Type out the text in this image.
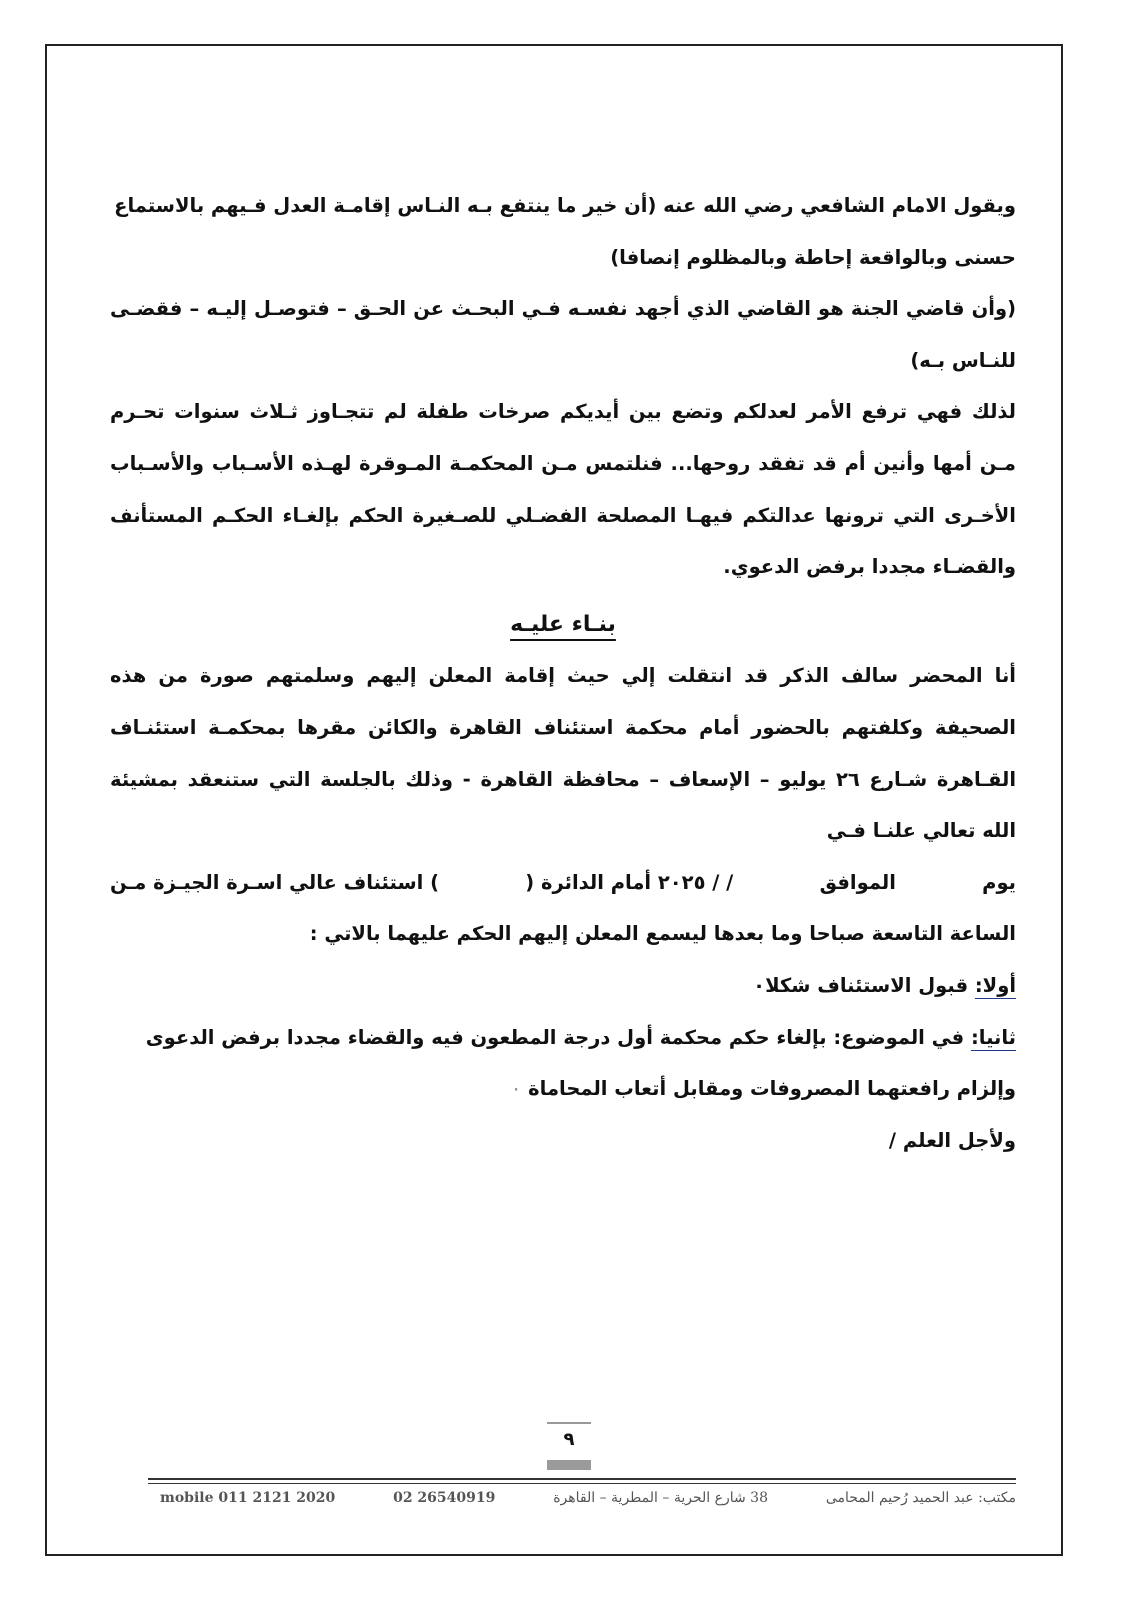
ويقول الامام الشافعي رضي الله عنه (أن خير ما ينتفع بـه النـاس إقامـة العدل فـيهم بالاستماع
حسنى وبالواقعة إحاطة وبالمظلوم إنصافا)

(وأن قاضي الجنة هو القاضي الذي أجهد نفسـه فـي البحـث عن الحـق – فتوصـل إليـه – فقضـى للنـاس بـه)

لذلك فهي ترفع الأمر لعدلكم وتضع بين أيديكم صرخات طفلة لم تتجـاوز ثـلاث سنوات تحـرم مـن أمها وأنين أم قد تفقد روحها... فنلتمس مـن المحكمـة المـوقرة لهـذه الأسـباب والأسـباب الأخـرى التي ترونها عدالتكم فيهـا المصلحة الفضـلي للصـغيرة الحكم بإلغـاء الحكـم المستأنف والقضـاء مجددا برفض الدعوي.

بنـاء عليـه

أنا المحضر سالف الذكر قد انتقلت إلي حيث إقامة المعلن إليهم وسلمتهم صورة من هذه الصحيفة وكلفتهم بالحضور أمام محكمة استئناف القاهرة والكائن مقرها بمحكمـة استئنـاف القـاهرة شـارع ٢٦ يوليو – الإسعاف – محافظة القاهرة - وذلك بالجلسة التي ستنعقد بمشيئة الله تعالي علنـا فـي

يوم
الموافق
/ / ٢٠٢٥ أمام الدائرة (
) استئناف عالي اسـرة الجيـزة مـن

الساعة التاسعة صباحا وما بعدها ليسمع المعلن إليهم الحكم عليهما بالاتي :

أولا: قبول الاستئناف شكلا٠

ثانيا: في الموضوع: بإلغاء حكم محكمة أول درجة المطعون فيه والقضاء مجددا برفض الدعوى
وإلزام رافعتهما المصروفات ومقابل أتعاب المحاماة ٠

ولأجل العلم /

٩
mobile 011 2121 2020	02 26540919	38 شارع الحرية – المطرية – القاهرة	مكتب: عبد الحميد رُحيم المحامى
